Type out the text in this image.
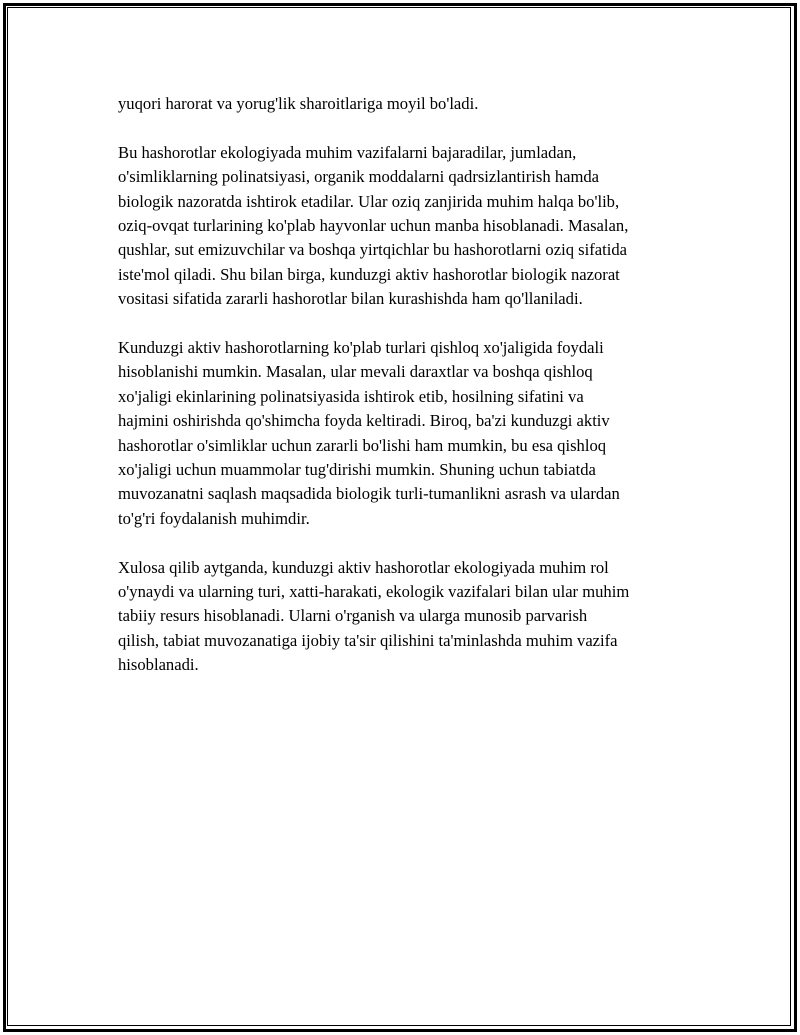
yuqori harorat va yorug'lik sharoitlariga moyil bo'ladi.

Bu hashorotlar ekologiyada muhim vazifalarni bajaradilar, jumladan,
o'simliklarning polinatsiyasi, organik moddalarni qadrsizlantirish hamda
biologik nazoratda ishtirok etadilar. Ular oziq zanjirida muhim halqa bo'lib,
oziq-ovqat turlarining ko'plab hayvonlar uchun manba hisoblanadi. Masalan,
qushlar, sut emizuvchilar va boshqa yirtqichlar bu hashorotlarni oziq sifatida
iste'mol qiladi. Shu bilan birga, kunduzgi aktiv hashorotlar biologik nazorat
vositasi sifatida zararli hashorotlar bilan kurashishda ham qo'llaniladi.

Kunduzgi aktiv hashorotlarning ko'plab turlari qishloq xo'jaligida foydali
hisoblanishi mumkin. Masalan, ular mevali daraxtlar va boshqa qishloq
xo'jaligi ekinlarining polinatsiyasida ishtirok etib, hosilning sifatini va
hajmini oshirishda qo'shimcha foyda keltiradi. Biroq, ba'zi kunduzgi aktiv
hashorotlar o'simliklar uchun zararli bo'lishi ham mumkin, bu esa qishloq
xo'jaligi uchun muammolar tug'dirishi mumkin. Shuning uchun tabiatda
muvozanatni saqlash maqsadida biologik turli-tumanlikni asrash va ulardan
to'g'ri foydalanish muhimdir.

Xulosa qilib aytganda, kunduzgi aktiv hashorotlar ekologiyada muhim rol
o'ynaydi va ularning turi, xatti-harakati, ekologik vazifalari bilan ular muhim
tabiiy resurs hisoblanadi. Ularni o'rganish va ularga munosib parvarish
qilish, tabiat muvozanatiga ijobiy ta'sir qilishini ta'minlashda muhim vazifa
hisoblanadi.
